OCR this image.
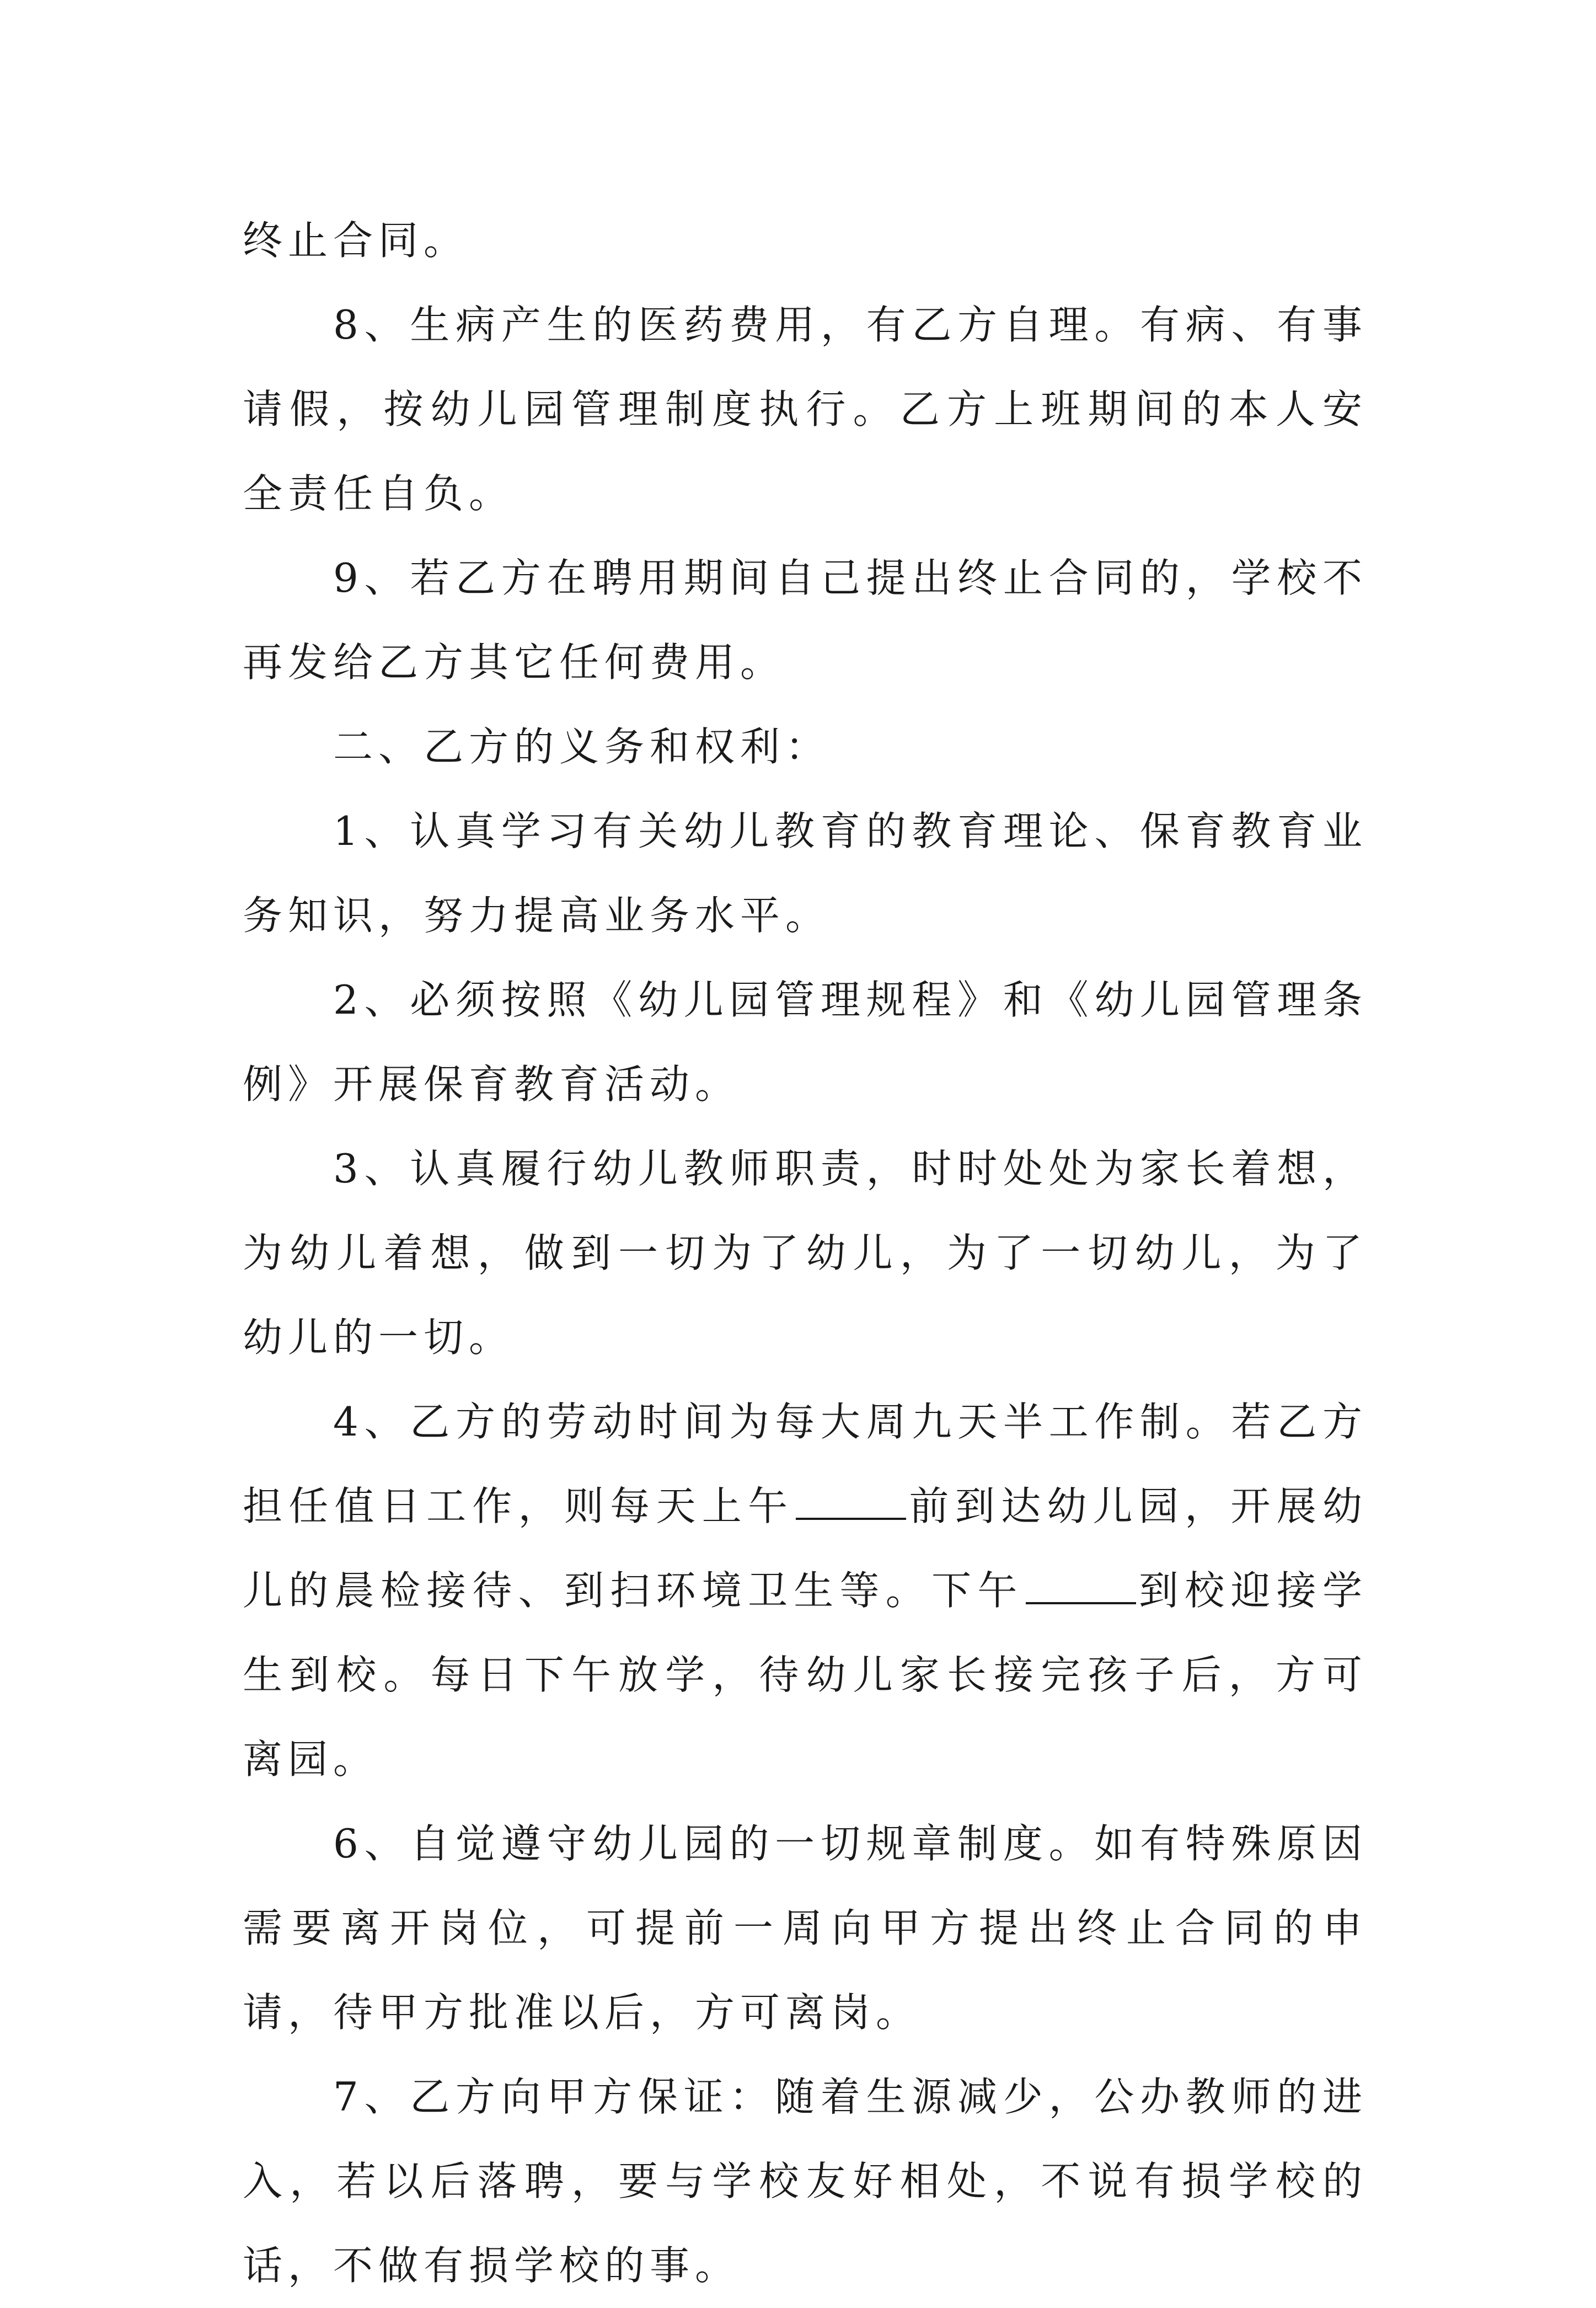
终止合同。

8、生病产生的医药费用，有乙方自理。有病、有事请假，按幼儿园管理制度执行。乙方上班期间的本人安全责任自负。

9、若乙方在聘用期间自己提出终止合同的，学校不再发给乙方其它任何费用。

二、乙方的义务和权利：

1、认真学习有关幼儿教育的教育理论、保育教育业务知识，努力提高业务水平。

2、必须按照《幼儿园管理规程》和《幼儿园管理条例》开展保育教育活动。

3、认真履行幼儿教师职责，时时处处为家长着想，为幼儿着想，做到一切为了幼儿，为了一切幼儿，为了幼儿的一切。

4、乙方的劳动时间为每大周九天半工作制。若乙方担任值日工作，则每天上午	前到达幼儿园，开展幼儿的晨检接待、到扫环境卫生等。下午	到校迎接学生到校。每日下午放学，待幼儿家长接完孩子后，方可离园。

6、自觉遵守幼儿园的一切规章制度。如有特殊原因需要离开岗位，可提前一周向甲方提出终止合同的申请，待甲方批准以后，方可离岗。

7、乙方向甲方保证：随着生源减少，公办教师的进入，若以后落聘，要与学校友好相处，不说有损学校的话，不做有损学校的事。
